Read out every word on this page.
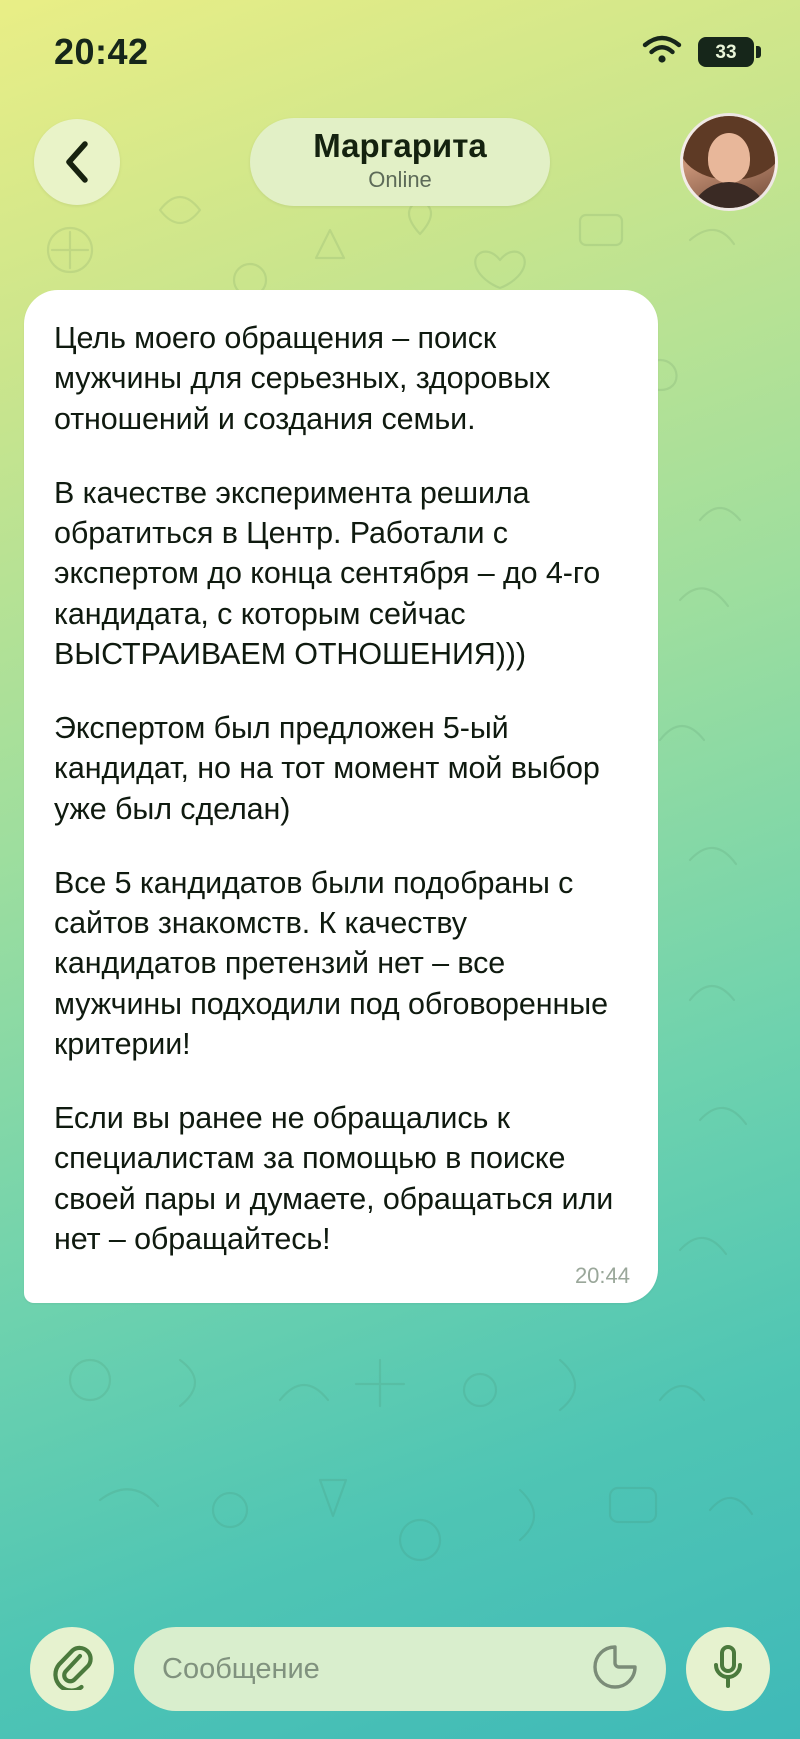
20:42	33
Маргарита
Online

Цель моего обращения – поиск мужчины для серьезных, здоровых отношений и создания семьи.

В качестве эксперимента решила обратиться в Центр. Работали с экспертом до конца сентября – до 4-го кандидата, с которым сейчас ВЫСТРАИВАЕМ ОТНОШЕНИЯ)))

Экспертом был предложен 5-ый кандидат, но на тот момент мой выбор уже был сделан)

Все 5 кандидатов были подобраны с сайтов знакомств. К качеству кандидатов претензий нет – все мужчины подходили под обговоренные критерии!

Если вы ранее не обращались к специалистам за помощью в поиске своей пары и думаете, обращаться или нет – обращайтесь!

20:44
Сообщение
